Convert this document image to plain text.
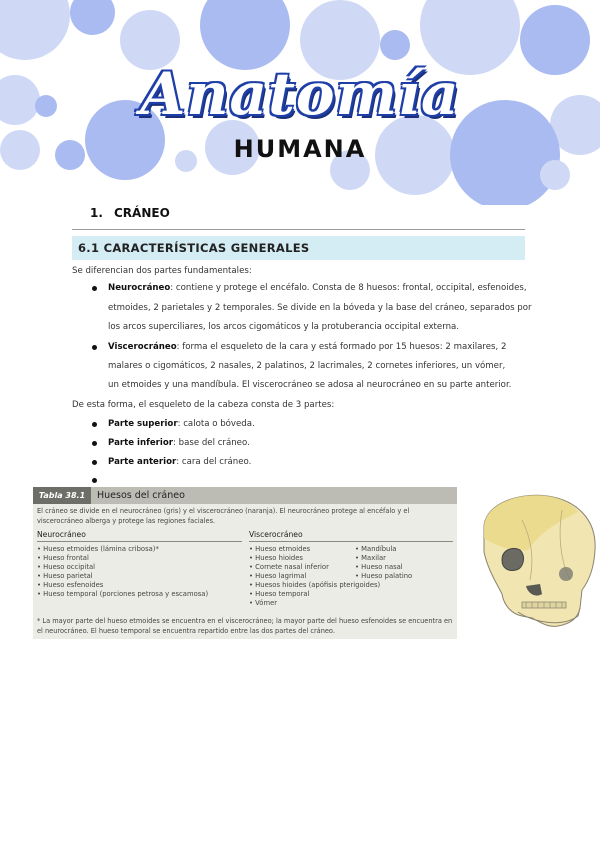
Anatomía
HUMANA
1. CRÁNEO
6.1 CARACTERÍSTICAS GENERALES
Se diferencian dos partes fundamentales:
Neurocráneo: contiene y protege el encéfalo. Consta de 8 huesos: frontal, occipital, esfenoides,
etmoides, 2 parietales y 2 temporales. Se divide en la bóveda y la base del cráneo, separados por
los arcos superciliares, los arcos cigomáticos y la protuberancia occipital externa.
Viscerocráneo: forma el esqueleto de la cara y está formado por 15 huesos: 2 maxilares, 2
malares o cigomáticos, 2 nasales, 2 palatinos, 2 lacrimales, 2 cornetes inferiores, un vómer,
un etmoides y una mandíbula. El viscerocráneo se adosa al neurocráneo en su parte anterior.
De esta forma, el esqueleto de la cabeza consta de 3 partes:
Parte superior: calota o bóveda.
Parte inferior: base del cráneo.
Parte anterior: cara del cráneo.
Tabla 38.1	Huesos del cráneo
El cráneo se divide en el neurocráneo (gris) y el viscerocráneo (naranja). El neurocráneo protege al encéfalo y el viscerocráneo alberga y protege las regiones faciales.
Neurocráneo	Viscerocráneo
• Hueso etmoides (lámina cribosa)*
• Hueso frontal
• Hueso occipital
• Hueso parietal
• Hueso esfenoides
• Hueso temporal (porciones petrosa y escamosa)
• Hueso etmoides
• Hueso hioides
• Cornete nasal inferior
• Hueso lagrimal
• Huesos hioides (apófisis pterigoides)
• Hueso temporal
• Vómer
• Mandíbula
• Maxilar
• Hueso nasal
• Hueso palatino
* La mayor parte del hueso etmoides se encuentra en el viscerocráneo; la mayor parte del hueso esfenoides se encuentra en el neurocráneo. El hueso temporal se encuentra repartido entre las dos partes del cráneo.
